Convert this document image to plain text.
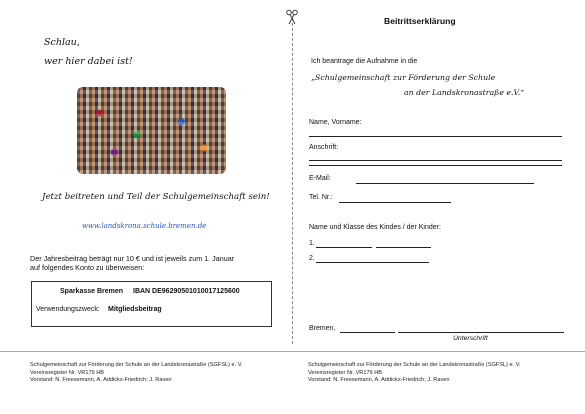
Schlau,
wer hier dabei ist!
Jetzt beitreten und Teil der Schulgemeinschaft sein!
www.landskrona.schule.bremen.de
Der Jahresbeitrag beträgt nur 10 € und ist jeweils zum 1. Januar
auf folgendes Konto zu überweisen:
Sparkasse Bremen IBAN DE96290501010017125600
Verwendungszweck: Mitgliedsbeitrag
Beitrittserklärung
Ich beantrage die Aufnahme in die
„Schulgemeinschaft zur Förderung der Schule
an der Landskronastraße e.V.“
Name, Vorname:
Anschrift:
E-Mail:
Tel. Nr.:
Name und Klasse des Kindes / der Kinder:
1.
2.
Bremen,
Unterschrift
Schulgemeinschaft zur Förderung der Schule an der Landskronastraße (SGFSL) e. V.
Vereinsregister Nr. VR179 HB
Vorstand: N. Freesemann, A. Addicks-Friedrich; J. Raven
Schulgemeinschaft zur Förderung der Schule an der Landskronastraße (SGFSL) e. V.
Vereinsregister Nr. VR179 HB
Vorstand: N. Freesemann, A. Addicks-Friedrich; J. Raven
